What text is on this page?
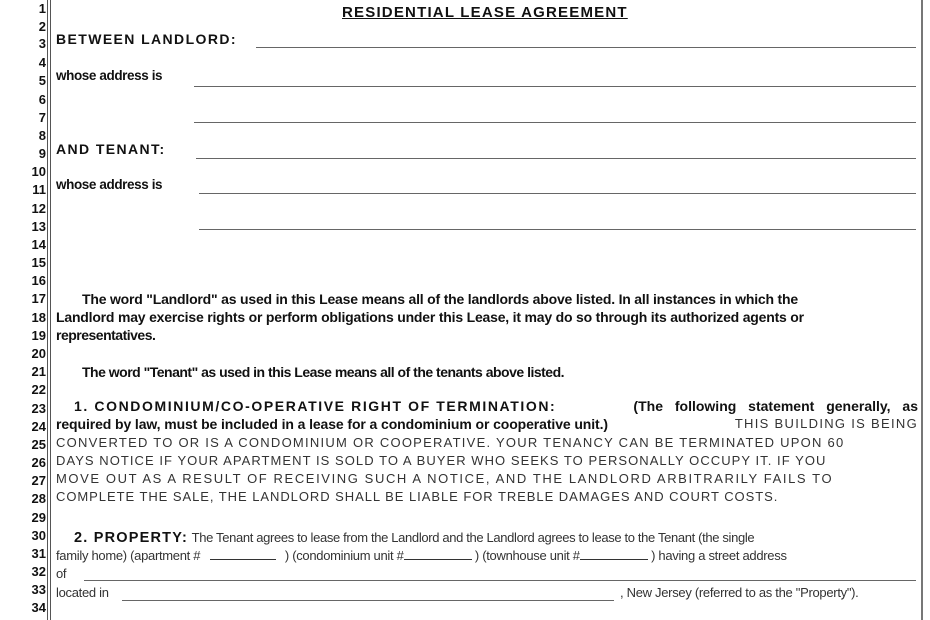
1
2
3
4
5
6
7
8
9
10
11
12
13
14
15
16
17
18
19
20
21
22
23
24
25
26
27
28
29
30
31
32
33
34
RESIDENTIAL LEASE AGREEMENT
BETWEEN LANDLORD:
whose address is
AND TENANT:
whose address is
The word "Landlord" as used in this Lease means all of the landlords above listed. In all instances in which the
Landlord may exercise rights or perform obligations under this Lease, it may do so through its authorized agents or
representatives.
The word "Tenant" as used in this Lease means all of the tenants above listed.
1. CONDOMINIUM/CO-OPERATIVE RIGHT OF TERMINATION:	(The following statement generally, as
required by law, must be included in a lease for a condominium or cooperative unit.)	THIS BUILDING IS BEING
CONVERTED TO OR IS A CONDOMINIUM OR COOPERATIVE. YOUR TENANCY CAN BE TERMINATED UPON 60
DAYS NOTICE IF YOUR APARTMENT IS SOLD TO A BUYER WHO SEEKS TO PERSONALLY OCCUPY IT. IF YOU
MOVE OUT AS A RESULT OF RECEIVING SUCH A NOTICE, AND THE LANDLORD ARBITRARILY FAILS TO
COMPLETE THE SALE, THE LANDLORD SHALL BE LIABLE FOR TREBLE DAMAGES AND COURT COSTS.
2. PROPERTY: The Tenant agrees to lease from the Landlord and the Landlord agrees to lease to the Tenant (the single
family home) (apartment #	) (condominium unit #	) (townhouse unit #	) having a street address
of
located in	, New Jersey (referred to as the "Property").
